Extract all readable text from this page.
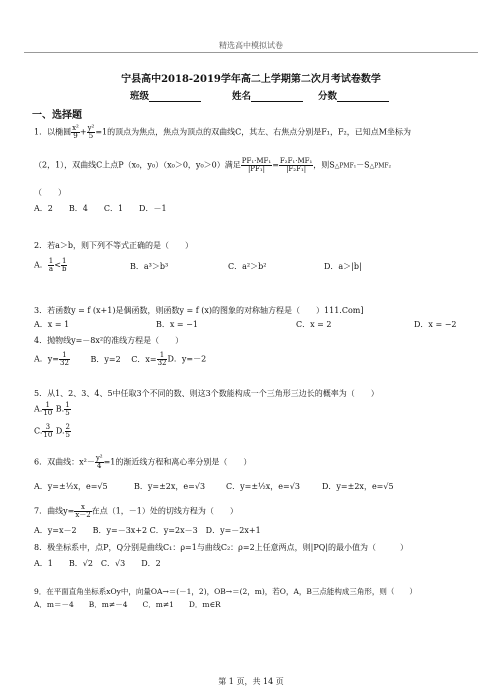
精选高中模拟试卷
宁县高中2018-2019学年高二上学期第二次月考试卷数学
班级	姓名	分数
一、选择题
1．以椭圆 $\frac{\text{x²}}{9} + \frac{\text{y²}}{5} =1$的顶点为焦点，焦点为顶点的双曲线C，其左、右焦点分别是F₁，F₂，已知点M坐标为
（2，1），双曲线C上点P（x₀，y₀）（x₀＞0，y₀＞0）满足 $\frac{\text{PF₁·MF₁}}{\text{|PF₁|}} = \frac{\text{F₂F₁·MF₁}}{\text{|F₂F₁|}}$ ，则S△PMF₁－S△PMF₂
（　　）
A．2　　B．4　　C．1　　D．－1
2．若a＞b，则下列不等式正确的是（　　）
A． $\frac{1}{a} < \frac{1}{b}$	B．a³＞b³	C．a²＞b²	D．a＞|b|
3．若函数y = f (x+1)是偶函数，则函数y = f (x)的图象的对称轴方程是（　　）111.Com]
A．x = 1	B．x = −1	C．x = 2	D．x = −2
4．抛物线y=－8x²的准线方程是（　　）
A．$y= \frac{1}{32}$	B．y=2 C．$x= \frac{1}{32}$ D．y=－2
5．从1、2、3、4、5中任取3个不同的数、则这3个数能构成一个三角形三边长的概率为（　　）
A. $\frac{1}{10} B$. $\frac{1}{5}$
C. $\frac{3}{10} D$. $\frac{2}{5}$
6．双曲线：$x^2- \frac{\text{y²}}{4} =1$的渐近线方程和离心率分别是（　　）
A．y=±½x，e=√5	B．y=±2x，e=√3	C．y=±½x，e=√3	D．y=±2x，e=√5
7．曲线$y= \frac{x}{x-2}$ 在点（1，－1）处的切线方程为（　　）
A．y=x－2　　B．y=－3x+2 C．y=2x－3　D．y=－2x+1
8．极坐标系中，点P，Q分别是曲线C₁：ρ=1与曲线C₂：ρ=2上任意两点，则|PQ|的最小值为（　　　）
A．1　　B．√2　C．√3　　D．2
9．在平面直角坐标系xOy中，向量OA→＝(－1，2)，OB→＝(2，m)，若O，A，B三点能构成三角形，则（　　）
A．m＝－4　　B．m≠－4　　C．m≠1　　D．m∈R
第 1 页，共 14 页
